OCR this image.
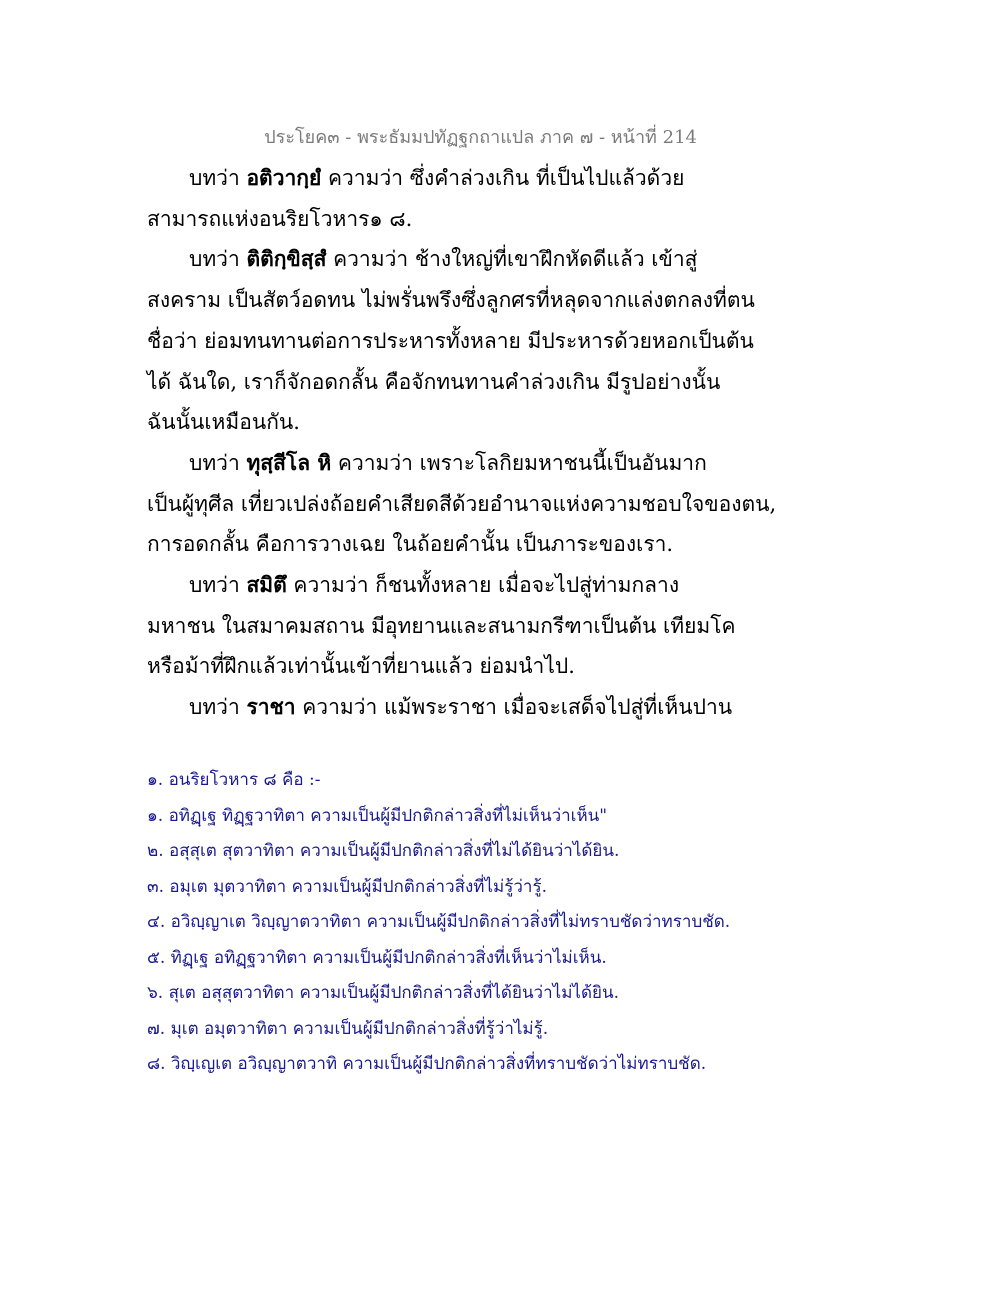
ประโยค๓ - พระธัมมปทัฏฐกถาแปล ภาค ๗ - หน้าที่ 214
บทว่า อติวากฺยํ ความว่า ซึ่งคำล่วงเกิน ที่เป็นไปแล้วด้วย
สามารถแห่งอนริยโวหาร๑ ๘.
บทว่า ติติกฺขิสฺสํ ความว่า ช้างใหญ่ที่เขาฝึกหัดดีแล้ว เข้าสู่
สงคราม เป็นสัตว์อดทน ไม่พรั่นพรึงซึ่งลูกศรที่หลุดจากแล่งตกลงที่ตน
ชื่อว่า ย่อมทนทานต่อการประหารทั้งหลาย มีประหารด้วยหอกเป็นต้น
ได้ ฉันใด, เราก็จักอดกลั้น คือจักทนทานคำล่วงเกิน มีรูปอย่างนั้น
ฉันนั้นเหมือนกัน.
บทว่า ทุสฺสีโล หิ ความว่า เพราะโลกิยมหาชนนี้เป็นอันมาก
เป็นผู้ทุศีล เที่ยวเปล่งถ้อยคำเสียดสีด้วยอำนาจแห่งความชอบใจของตน,
การอดกลั้น คือการวางเฉย ในถ้อยคำนั้น เป็นภาระของเรา.
บทว่า สมิตึ ความว่า ก็ชนทั้งหลาย เมื่อจะไปสู่ท่ามกลาง
มหาชน ในสมาคมสถาน มีอุทยานและสนามกรีฑาเป็นต้น เทียมโค
หรือม้าที่ฝึกแล้วเท่านั้นเข้าที่ยานแล้ว ย่อมนำไป.
บทว่า ราชา ความว่า แม้พระราชา เมื่อจะเสด็จไปสู่ที่เห็นปาน
๑. อนริยโวหาร ๘ คือ :-
๑. อทิฏฺเฐ ทิฏฺฐวาทิตา ความเป็นผู้มีปกติกล่าวสิ่งที่ไม่เห็นว่าเห็น"
๒. อสุสุเต สุตวาทิตา ความเป็นผู้มีปกติกล่าวสิ่งที่ไม่ได้ยินว่าได้ยิน.
๓. อมุเต มุตวาทิตา ความเป็นผู้มีปกติกล่าวสิ่งที่ไม่รู้ว่ารู้.
๔. อวิญฺญาเต วิญฺญาตวาทิตา ความเป็นผู้มีปกติกล่าวสิ่งที่ไม่ทราบชัดว่าทราบชัด.
๕. ทิฏฺเฐ อทิฏฺฐวาทิตา ความเป็นผู้มีปกติกล่าวสิ่งที่เห็นว่าไม่เห็น.
๖. สุเต อสุสุตวาทิตา ความเป็นผู้มีปกติกล่าวสิ่งที่ได้ยินว่าไม่ได้ยิน.
๗. มุเต อมุตวาทิตา ความเป็นผู้มีปกติกล่าวสิ่งที่รู้ว่าไม่รู้.
๘. วิญฺเญเต อวิญฺญาตวาทิ ความเป็นผู้มีปกติกล่าวสิ่งที่ทราบชัดว่าไม่ทราบชัด.
